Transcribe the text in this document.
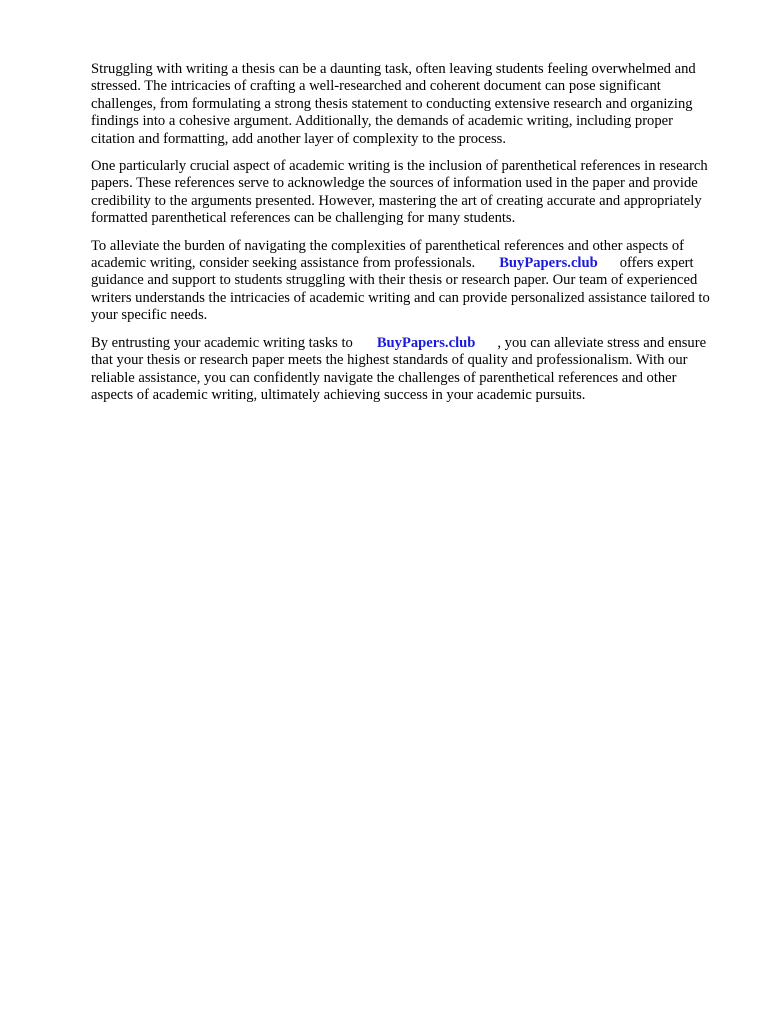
Struggling with writing a thesis can be a daunting task, often leaving students feeling overwhelmed and stressed. The intricacies of crafting a well-researched and coherent document can pose significant challenges, from formulating a strong thesis statement to conducting extensive research and organizing findings into a cohesive argument. Additionally, the demands of academic writing, including proper citation and formatting, add another layer of complexity to the process.

One particularly crucial aspect of academic writing is the inclusion of parenthetical references in research papers. These references serve to acknowledge the sources of information used in the paper and provide credibility to the arguments presented. However, mastering the art of creating accurate and appropriately formatted parenthetical references can be challenging for many students.

To alleviate the burden of navigating the complexities of parenthetical references and other aspects of academic writing, consider seeking assistance from professionals. BuyPapers.club offers expert guidance and support to students struggling with their thesis or research paper. Our team of experienced writers understands the intricacies of academic writing and can provide personalized assistance tailored to your specific needs.

By entrusting your academic writing tasks to BuyPapers.club , you can alleviate stress and ensure that your thesis or research paper meets the highest standards of quality and professionalism. With our reliable assistance, you can confidently navigate the challenges of parenthetical references and other aspects of academic writing, ultimately achieving success in your academic pursuits.
